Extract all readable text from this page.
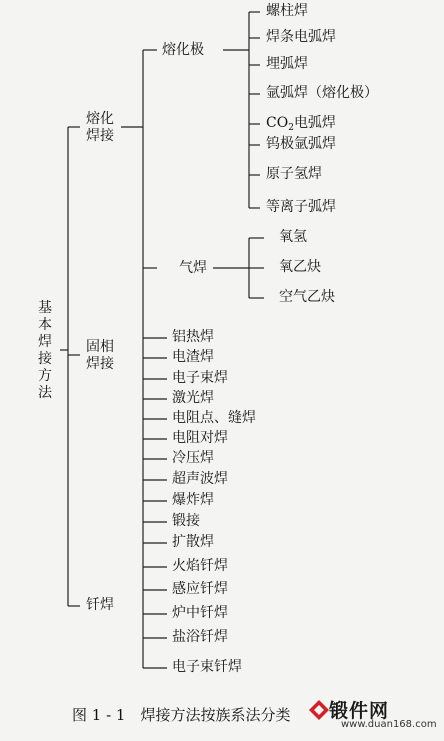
基本焊接方法
熔化焊接
固相焊接
钎焊
熔化极
气焊
螺柱焊
焊条电弧焊
埋弧焊
氩弧焊（熔化极）
$CO_2$电弧焊
钨极氩弧焊
原子氢焊
等离子弧焊
氧氢
氧乙炔
空气乙炔
铝热焊
电渣焊
电子束焊
激光焊
电阻点、缝焊
电阻对焊
冷压焊
超声波焊
爆炸焊
锻接
扩散焊
火焰钎焊
感应钎焊
炉中钎焊
盐浴钎焊
电子束钎焊
图 1 - 1　焊接方法按族系法分类 锻件网
www.duan168.com
